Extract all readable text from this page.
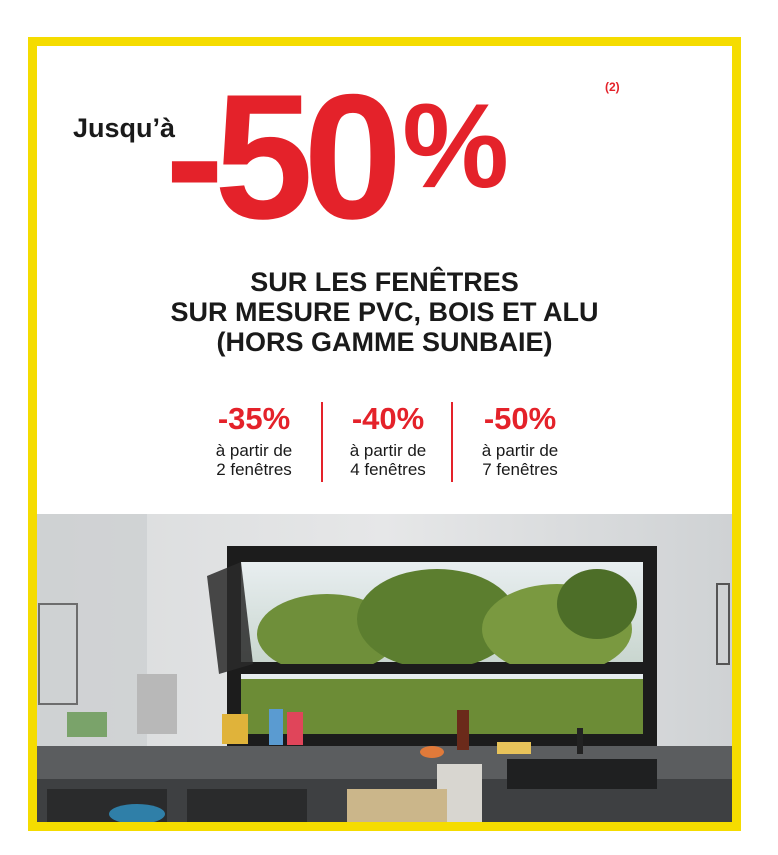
Jusqu’à
-50%	(2)
SUR LES FENÊTRES
SUR MESURE PVC, BOIS ET ALU
(HORS GAMME SUNBAIE)
-35%
à partir de
2 fenêtres
-40%
à partir de
4 fenêtres
-50%
à partir de
7 fenêtres
